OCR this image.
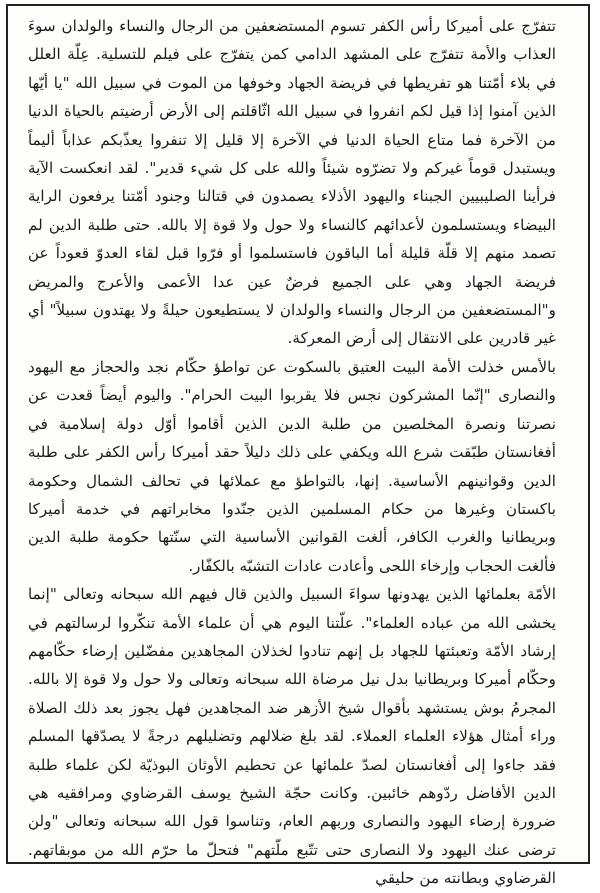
تتفرّج على أميركا رأس الكفر تسوم المستضعفين من الرجال والنساء والولدان سوءَ العذاب والأمة تتفرّج على المشهد الدامي كمن يتفرّج على فيلم للتسلية. عِلّة العلل في بلاء أمّتنا هو تفريطها في فريضة الجهاد وخوفها من الموت في سبيل الله "يا أيّها الذين آمنوا إذا قيل لكم انفروا في سبيل الله اثّاقلتم إلى الأرض أرضيتم بالحياة الدنيا من الآخرة فما متاع الحياة الدنيا في الآخرة إلا قليل إلا تنفروا يعذّبكم عذاباً أليماً ويستبدل قوماً غيركم ولا تضرّوه شيئاً والله على كل شيء قدير". لقد انعكست الآية فرأينا الصليبيين الجبناء واليهود الأذلاء يصمدون في قتالنا وجنود أمّتنا يرفعون الراية البيضاء ويستسلمون لأعدائهم كالنساء ولا حول ولا قوة إلا بالله. حتى طلبة الدين لم تصمد منهم إلا قلّة قليلة أما الباقون فاستسلموا أو فرّوا قبل لقاء العدوّ قعوداً عن فريضة الجهاد وهي على الجميع فرضٌ عين عدا الأعمى والأعرج والمريض و"المستضعفين من الرجال والنساء والولدان لا يستطيعون حيلةً ولا يهتدون سبيلاً" أي غير قادرين على الانتقال إلى أرض المعركة.

بالأمس خذلت الأمة البيت العتيق بالسكوت عن تواطؤ حكّام نجد والحجاز مع اليهود والنصارى "إنّما المشركون نجس فلا يقربوا البيت الحرام". واليوم أيضاً قعدت عن نصرتنا ونصرة المخلصين من طلبة الدين الذين أقاموا أوّل دولة إسلامية في أفغانستان طبّقت شرع الله ويكفي على ذلك دليلاً حقد أميركا رأس الكفر على طلبة الدين وقوانينهم الأساسية. إنها، بالتواطؤ مع عملائها في تحالف الشمال وحكومة باكستان وغيرها من حكام المسلمين الذين جنّدوا مخابراتهم في خدمة أميركا وبريطانيا والغرب الكافر، ألغت القوانين الأساسية التي سنّتها حكومة طلبة الدين فألغت الحجاب وإرخاء اللحى وأعادت عادات التشبّه بالكفّار.

الأمّة بعلمائها الذين يهدونها سواءَ السبيل والذين قال فيهم الله سبحانه وتعالى "إنما يخشى الله من عباده العلماء". علّتنا اليوم هي أن علماء الأمة تنكّروا لرسالتهم في إرشاد الأمّة وتعبئتها للجهاد بل إنهم تنادوا لخذلان المجاهدين مفضّلين إرضاء حكّامهم وحكّام أميركا وبريطانيا بدل نيل مرضاة الله سبحانه وتعالى ولا حول ولا قوة إلا بالله. المجرمُ بوش يستشهد بأقوال شيخ الأزهر ضد المجاهدين فهل يجوز بعد ذلك الصلاة وراء أمثال هؤلاء العلماء العملاء. لقد بلغ ضلالهم وتضليلهم درجةً لا يصدّقها المسلم فقد جاءوا إلى أفغانستان لصدّ علمائها عن تحطيم الأوثان البوذيّة لكن علماء طلبة الدين الأفاضل ردّوهم خائبين. وكانت حجّة الشيخ يوسف القرضاوي ومرافقيه هي ضرورة إرضاء اليهود والنصارى وربهم العام، وتناسوا قول الله سبحانه وتعالى "ولن ترضى عنك اليهود ولا النصارى حتى تتّبع ملّتهم" فتحلّ ما حرّم الله من موبقاتهم. القرضاوي وبطانته من حليقي
